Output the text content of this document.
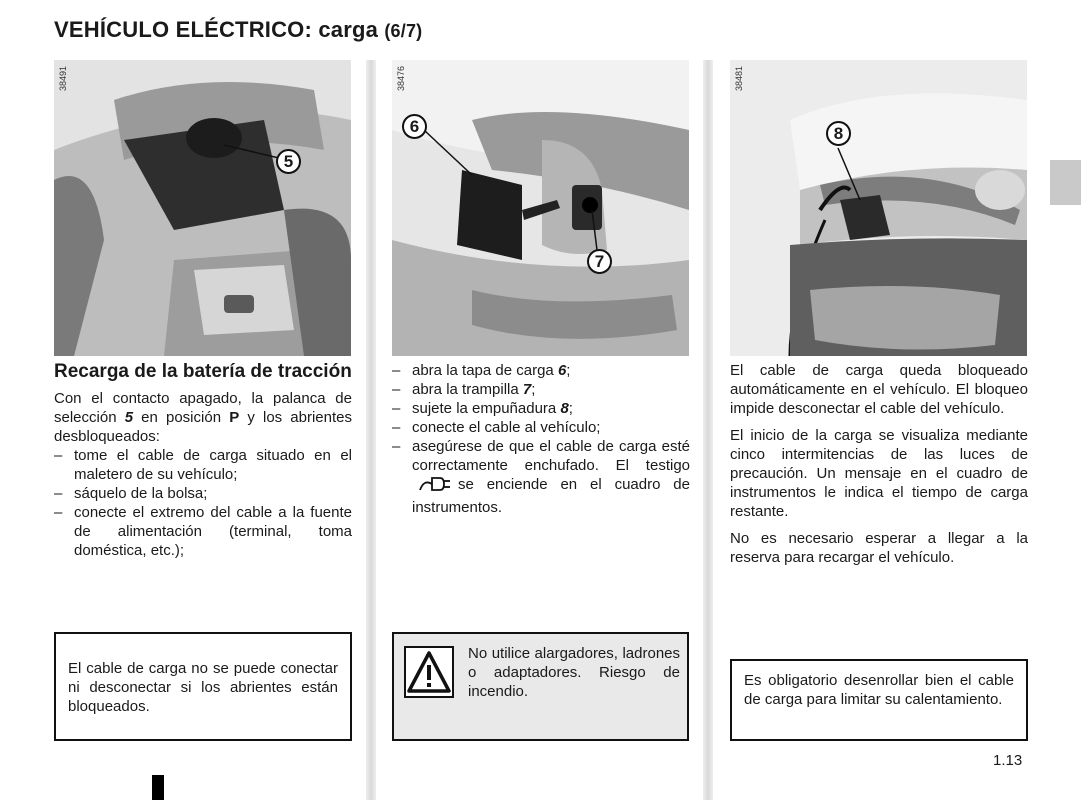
VEHÍCULO ELÉCTRICO: carga (6/7)
38491
5
38476
6
7
38481
8
Recarga de la batería de tracción
Con el contacto apagado, la palanca de selección 5 en posición P y los abrientes desbloqueados:
– tome el cable de carga situado en el maletero de su vehículo;
– sáquelo de la bolsa;
– conecte el extremo del cable a la fuente de alimentación (terminal, toma doméstica, etc.);
– abra la tapa de carga 6;
– abra la trampilla 7;
– sujete la empuñadura 8;
– conecte el cable al vehículo;
– asegúrese de que el cable de carga esté correctamente enchufado. El testigose enciende en el cuadro de instrumentos.

El cable de carga queda bloqueado automáticamente en el vehículo. El bloqueo impide desconectar el cable del vehículo.

El inicio de la carga se visualiza mediante cinco intermitencias de las luces de precaución. Un mensaje en el cuadro de instrumentos le indica el tiempo de carga restante.

No es necesario esperar a llegar a la reserva para recargar el vehículo.

El cable de carga no se puede conectar ni desconectar si los abrientes están bloqueados.
No utilice alargadores, ladrones o adaptadores. Riesgo de incendio.
Es obligatorio desenrollar bien el cable de carga para limitar su calentamiento.
1.13
